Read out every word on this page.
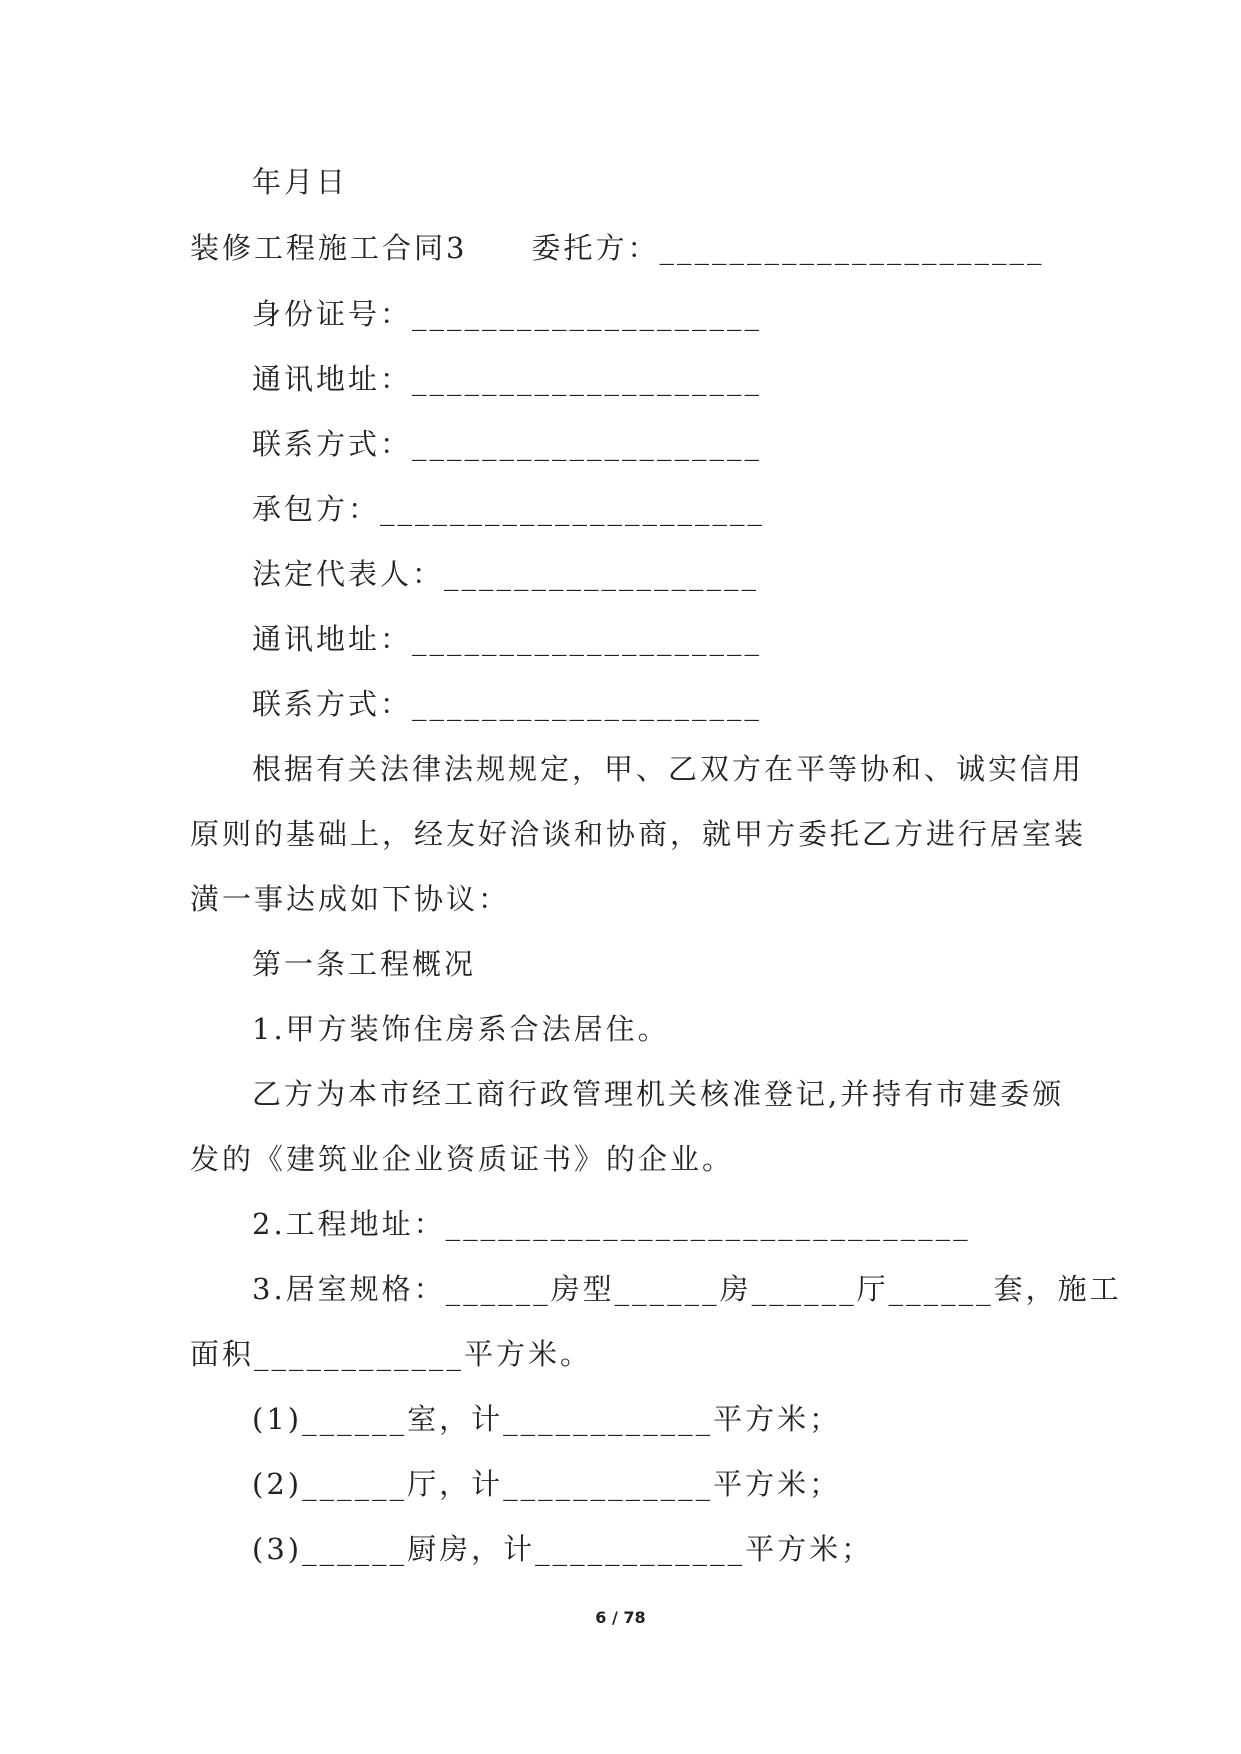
年月日
装修工程施工合同3　　委托方：______________________
身份证号：____________________
通讯地址：____________________
联系方式：____________________
承包方：______________________
法定代表人：__________________
通讯地址：____________________
联系方式：____________________
根据有关法律法规规定，甲、乙双方在平等协和、诚实信用
原则的基础上，经友好洽谈和协商，就甲方委托乙方进行居室装
潢一事达成如下协议：
第一条工程概况
1.甲方装饰住房系合法居住。
乙方为本市经工商行政管理机关核准登记,并持有市建委颁
发的《建筑业企业资质证书》的企业。
2.工程地址：______________________________
3.居室规格：______房型______房______厅______套，施工
面积____________平方米。
(1)______室，计____________平方米；
(2)______厅，计____________平方米；
(3)______厨房，计____________平方米；
6 / 78
